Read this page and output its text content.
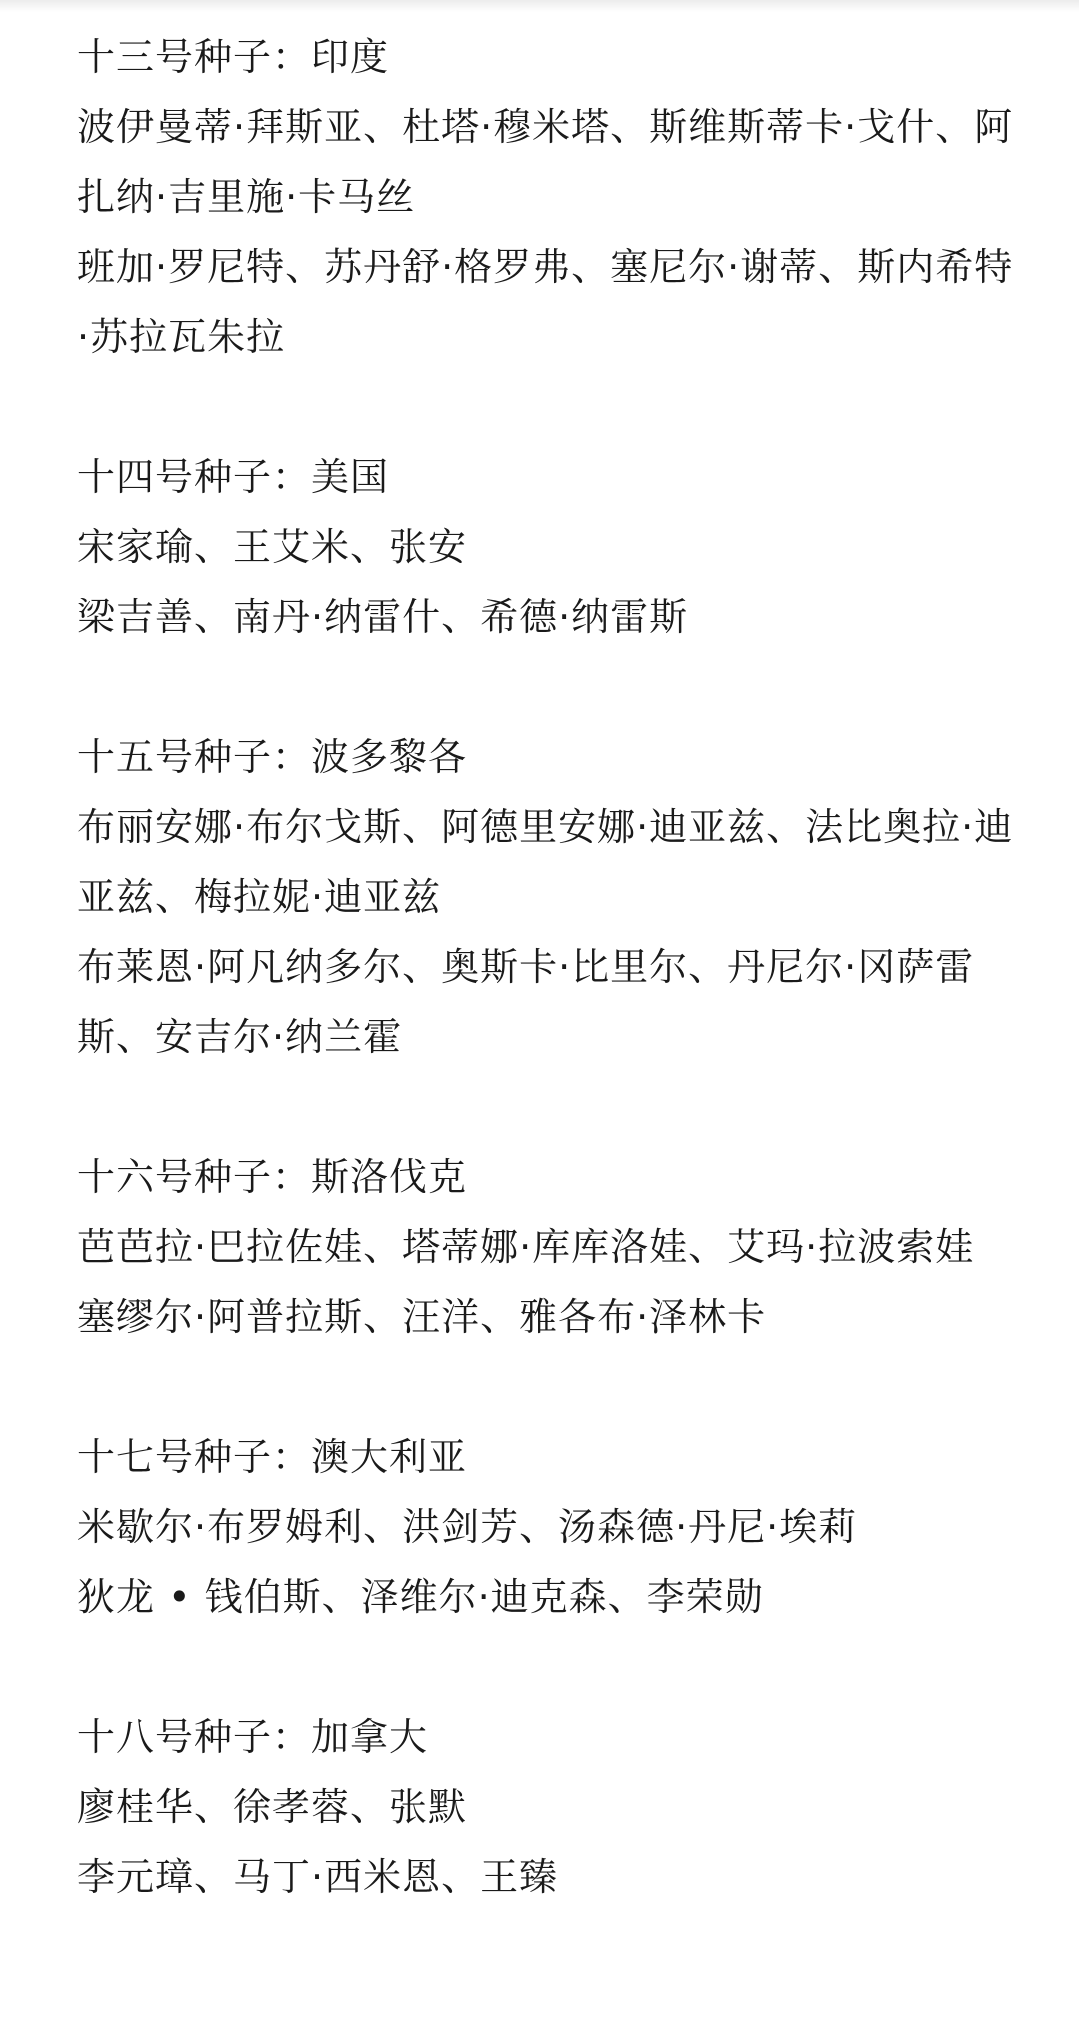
十三号种子：印度
波伊曼蒂·拜斯亚、杜塔·穆米塔、斯维斯蒂卡·戈什、阿扎纳·吉里施·卡马丝
班加·罗尼特、苏丹舒·格罗弗、塞尼尔·谢蒂、斯内希特·苏拉瓦朱拉
十四号种子：美国
宋家瑜、王艾米、张安
梁吉善、南丹·纳雷什、希德·纳雷斯
十五号种子：波多黎各
布丽安娜·布尔戈斯、阿德里安娜·迪亚兹、法比奥拉·迪亚兹、梅拉妮·迪亚兹
布莱恩·阿凡纳多尔、奥斯卡·比里尔、丹尼尔·冈萨雷斯、安吉尔·纳兰霍
十六号种子：斯洛伐克
芭芭拉·巴拉佐娃、塔蒂娜·库库洛娃、艾玛·拉波索娃
塞缪尔·阿普拉斯、汪洋、雅各布·泽林卡
十七号种子：澳大利亚
米歇尔·布罗姆利、洪剑芳、汤森德·丹尼·埃莉
狄龙 • 钱伯斯、泽维尔·迪克森、李荣勋
十八号种子：加拿大
廖桂华、徐孝蓉、张默
李元璋、马丁·西米恩、王臻
